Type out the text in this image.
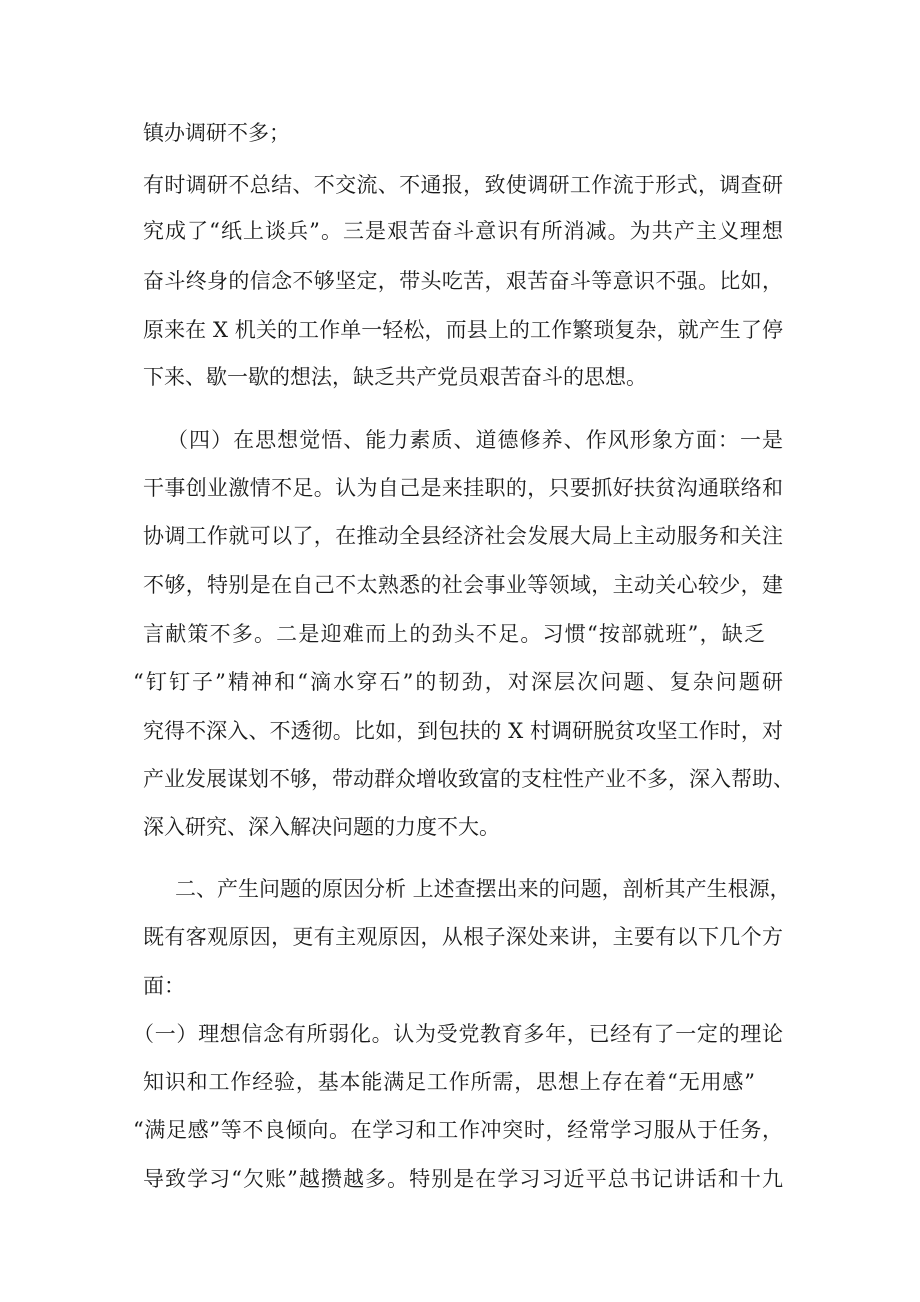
镇办调研不多；
有时调研不总结、不交流、不通报，致使调研工作流于形式，调查研
究成了“纸上谈兵”。三是艰苦奋斗意识有所消减。为共产主义理想
奋斗终身的信念不够坚定，带头吃苦，艰苦奋斗等意识不强。比如，
原来在 X 机关的工作单一轻松，而县上的工作繁琐复杂，就产生了停
下来、歇一歇的想法，缺乏共产党员艰苦奋斗的思想。
（四）在思想觉悟、能力素质、道德修养、作风形象方面：一是
干事创业激情不足。认为自己是来挂职的，只要抓好扶贫沟通联络和
协调工作就可以了，在推动全县经济社会发展大局上主动服务和关注
不够，特别是在自己不太熟悉的社会事业等领域，主动关心较少，建
言献策不多。二是迎难而上的劲头不足。习惯“按部就班”，缺乏
“钉钉子”精神和“滴水穿石”的韧劲，对深层次问题、复杂问题研
究得不深入、不透彻。比如，到包扶的 X 村调研脱贫攻坚工作时，对
产业发展谋划不够，带动群众增收致富的支柱性产业不多，深入帮助、
深入研究、深入解决问题的力度不大。
二、产生问题的原因分析 上述查摆出来的问题，剖析其产生根源，
既有客观原因，更有主观原因，从根子深处来讲，主要有以下几个方
面：
（一）理想信念有所弱化。认为受党教育多年，已经有了一定的理论
知识和工作经验，基本能满足工作所需，思想上存在着“无用感”
“满足感”等不良倾向。在学习和工作冲突时，经常学习服从于任务，
导致学习“欠账”越攒越多。特别是在学习习近平总书记讲话和十九
